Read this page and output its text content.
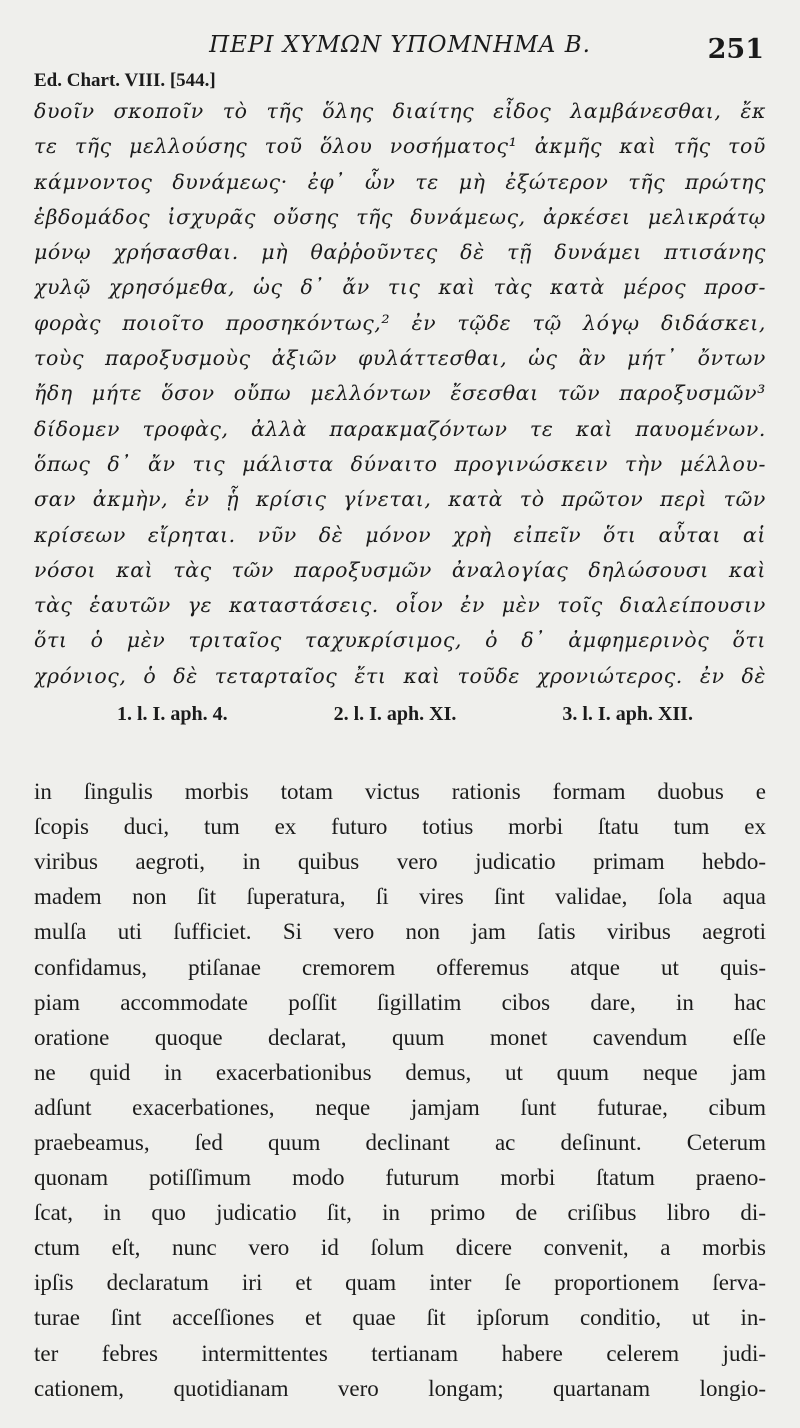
ΠΕΡΙ ΧΥΜΩΝ ΥΠΟΜΝΗΜΑ Β.	251
Ed. Chart. VIII. [544.]
δυοῖν σκοποῖν τὸ τῆς ὅλης διαίτης εἶδος λαμβάνεσθαι, ἔκ
τε τῆς μελλούσης τοῦ ὅλου νοσήματος¹ ἀκμῆς καὶ τῆς τοῦ
κάμνοντος δυνάμεως· ἐφ᾽ ὧν τε μὴ ἐξώτερον τῆς πρώτης
ἑβδομάδος ἰσχυρᾶς οὔσης τῆς δυνάμεως, ἀρκέσει μελικράτῳ
μόνῳ χρήσασθαι. μὴ θαῤῥοῦντες δὲ τῇ δυνάμει πτισάνης
χυλῷ χρησόμεθα, ὡς δ᾽ ἄν τις καὶ τὰς κατὰ μέρος προσ-
φορὰς ποιοῖτο προσηκόντως,² ἐν τῷδε τῷ λόγῳ διδάσκει,
τοὺς παροξυσμοὺς ἀξιῶν φυλάττεσθαι, ὡς ἂν μήτ᾽ ὄντων
ἤδη μήτε ὅσον οὔπω μελλόντων ἔσεσθαι τῶν παροξυσμῶν³
δίδομεν τροφὰς, ἀλλὰ παρακμαζόντων τε καὶ παυομένων.
ὅπως δ᾽ ἄν τις μάλιστα δύναιτο προγινώσκειν τὴν μέλλου-
σαν ἀκμὴν, ἐν ᾗ κρίσις γίνεται, κατὰ τὸ πρῶτον περὶ τῶν
κρίσεων εἴρηται. νῦν δὲ μόνον χρὴ εἰπεῖν ὅτι αὗται αἱ
νόσοι καὶ τὰς τῶν παροξυσμῶν ἀναλογίας δηλώσουσι καὶ
τὰς ἑαυτῶν γε καταστάσεις. οἷον ἐν μὲν τοῖς διαλείπουσιν
ὅτι ὁ μὲν τριταῖος ταχυκρίσιμος, ὁ δ᾽ ἀμφημερινὸς ὅτι
χρόνιος, ὁ δὲ τεταρταῖος ἔτι καὶ τοῦδε χρονιώτερος. ἐν δὲ
1. l. I. aph. 4.	2. l. I. aph. XI.	3. l. I. aph. XII.
in ſingulis morbis totam victus rationis formam duobus e
ſcopis duci, tum ex futuro totius morbi ſtatu tum ex
viribus aegroti, in quibus vero judicatio primam hebdo-
madem non ſit ſuperatura, ſi vires ſint validae, ſola aqua
mulſa uti ſufficiet. Si vero non jam ſatis viribus aegroti
confidamus, ptiſanae cremorem offeremus atque ut quis-
piam accommodate poſſit ſigillatim cibos dare, in hac
oratione quoque declarat, quum monet cavendum eſſe
ne quid in exacerbationibus demus, ut quum neque jam
adſunt exacerbationes, neque jamjam ſunt futurae, cibum
praebeamus, ſed quum declinant ac deſinunt. Ceterum
quonam potiſſimum modo futurum morbi ſtatum praeno-
ſcat, in quo judicatio ſit, in primo de criſibus libro di-
ctum eſt, nunc vero id ſolum dicere convenit, a morbis
ipſis declaratum iri et quam inter ſe proportionem ſerva-
turae ſint acceſſiones et quae ſit ipſorum conditio, ut in-
ter febres intermittentes tertianam habere celerem judi-
cationem, quotidianam vero longam; quartanam longio-
